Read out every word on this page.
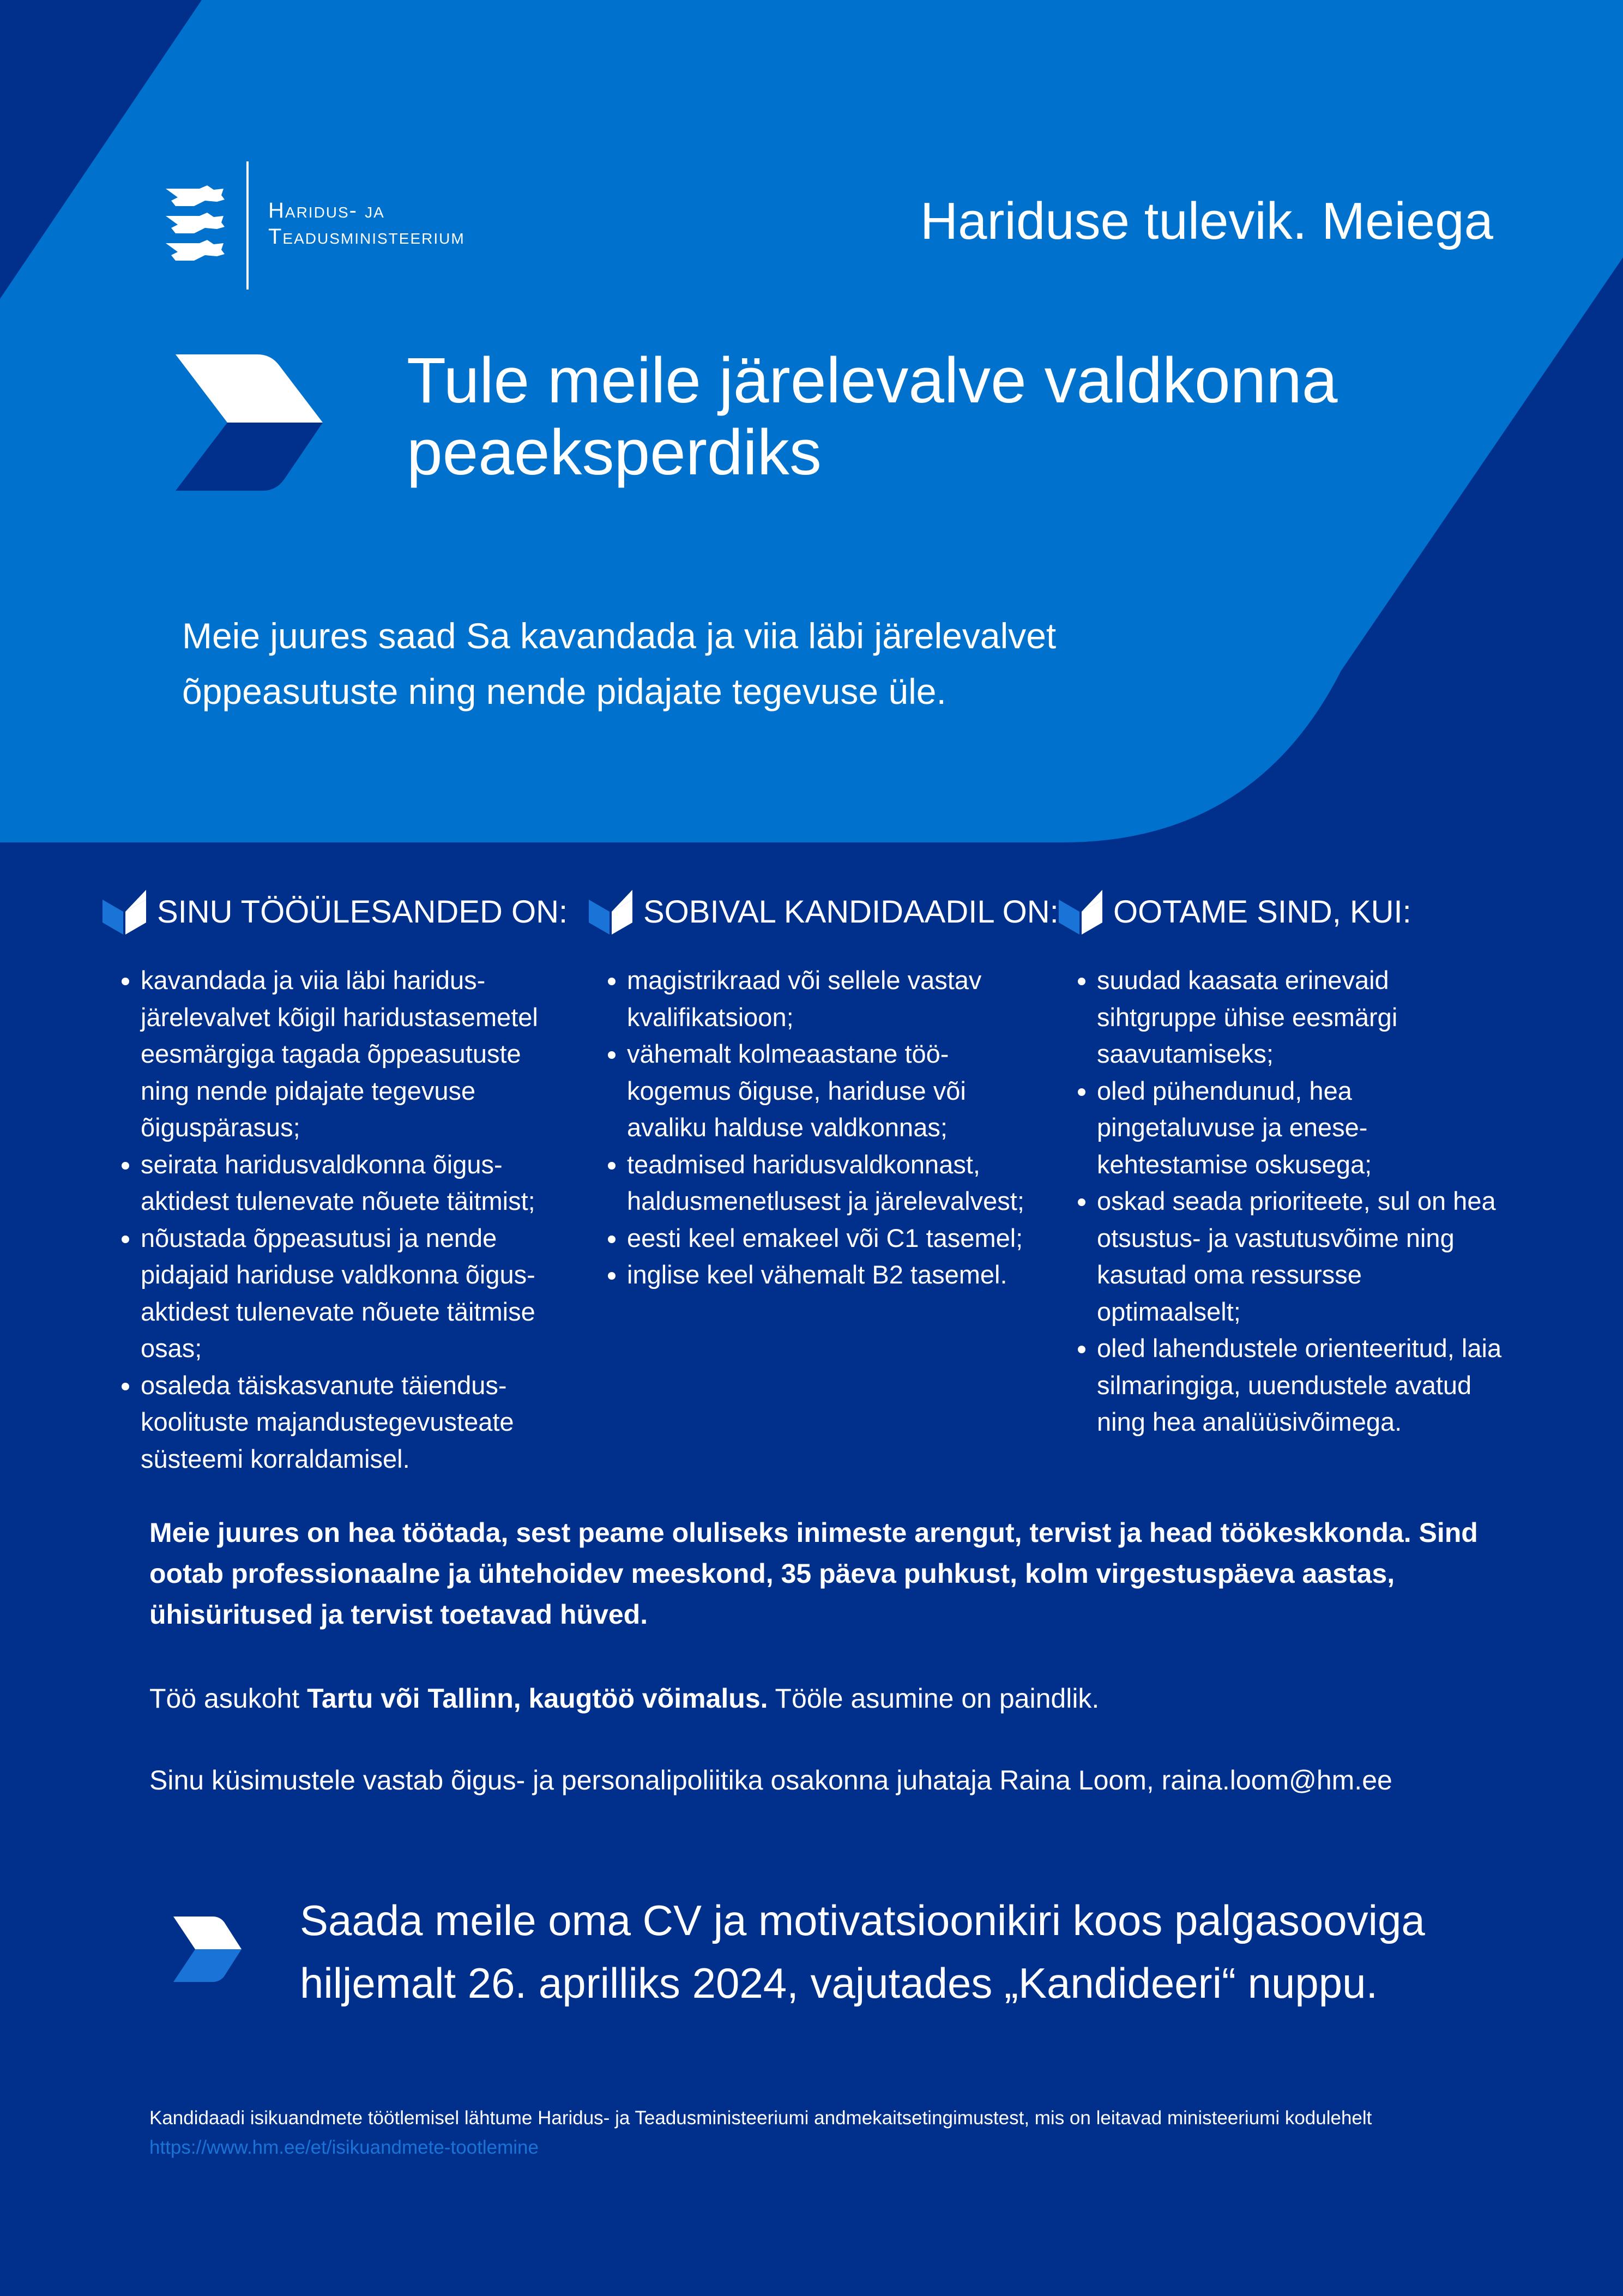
Haridus- ja
Teadusministeerium	Hariduse tulevik. Meiega
Tule meile järelevalve valdkonna peaeksperdiks

Meie juures saad Sa kavandada ja viia läbi järelevalvet õppeasutuste ning nende pidajate tegevuse üle.

SINU TÖÖÜLESANDED ON:
• kavandada ja viia läbi haridus- järelevalvet kõigil haridustasemetel eesmärgiga tagada õppeasutuste ning nende pidajate tegevuse õiguspärasus;
• seirata haridusvaldkonna õigus- aktidest tulenevate nõuete täitmist;
• nõustada õppeasutusi ja nende pidajaid hariduse valdkonna õigus- aktidest tulenevate nõuete täitmise osas;
• osaleda täiskasvanute täiendus- koolituste majandustegevusteate süsteemi korraldamisel.
SOBIVAL KANDIDAADIL ON:
• magistrikraad või sellele vastav kvalifikatsioon;
• vähemalt kolmeaastane töö- kogemus õiguse, hariduse või avaliku halduse valdkonnas;
• teadmised haridusvaldkonnast, haldusmenetlusest ja järelevalvest;
• eesti keel emakeel või C1 tasemel;
• inglise keel vähemalt B2 tasemel.
OOTAME SIND, KUI:
• suudad kaasata erinevaid sihtgruppe ühise eesmärgi saavutamiseks;
• oled pühendunud, hea pingetaluvuse ja enese- kehtestamise oskusega;
• oskad seada prioriteete, sul on hea otsustus- ja vastutusvõime ning kasutad oma ressursse optimaalselt;
• oled lahendustele orienteeritud, laia silmaringiga, uuendustele avatud ning hea analüüsivõimega.

Meie juures on hea töötada, sest peame oluliseks inimeste arengut, tervist ja head töökeskkonda. Sind ootab professionaalne ja ühtehoidev meeskond, 35 päeva puhkust, kolm virgestuspäeva aastas, ühisüritused ja tervist toetavad hüved.

Töö asukoht Tartu või Tallinn, kaugtöö võimalus. Tööle asumine on paindlik.

Sinu küsimustele vastab õigus- ja personalipoliitika osakonna juhataja Raina Loom, raina.loom@hm.ee

Saada meile oma CV ja motivatsioonikiri koos palgasooviga hiljemalt 26. aprilliks 2024, vajutades „Kandideeri“ nuppu.

Kandidaadi isikuandmete töötlemisel lähtume Haridus- ja Teadusministeeriumi andmekaitsetingimustest, mis on leitavad ministeeriumi kodulehelt https://www.hm.ee/et/isikuandmete-tootlemine
